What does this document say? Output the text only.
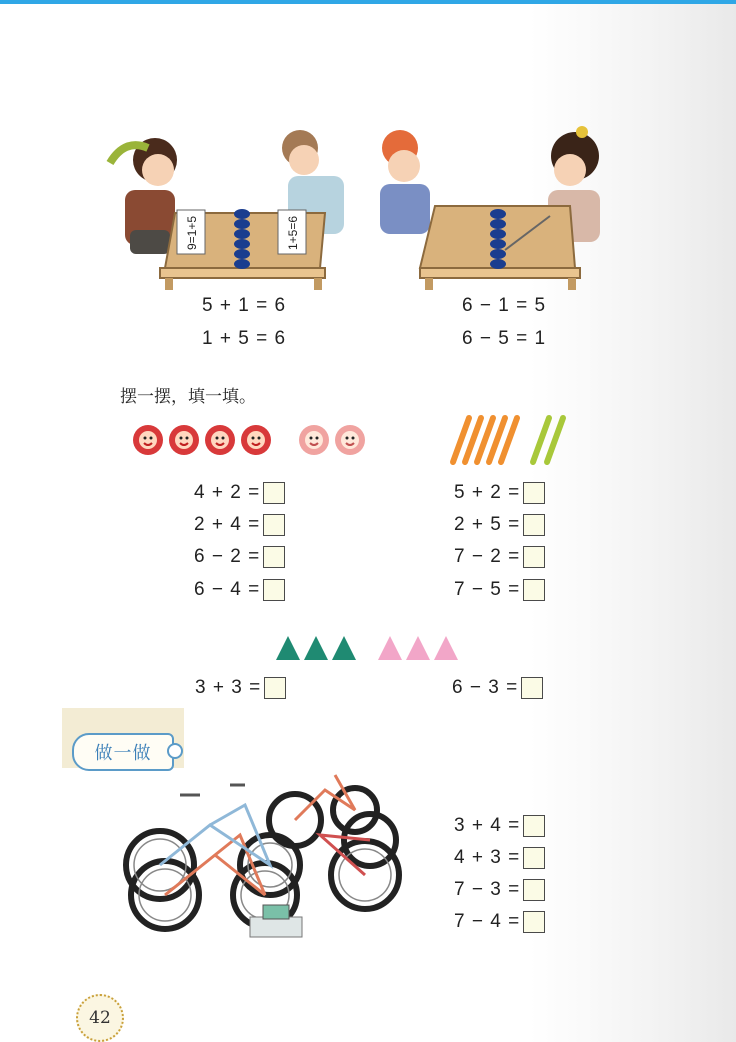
9=1+5	1+5=6
5 + 1 = 6
1 + 5 = 6
6 − 1 = 5
6 − 5 = 1
摆一摆，填一填。
4 + 2 =
2 + 4 =
6 − 2 =
6 − 4 =
5 + 2 =
2 + 5 =
7 − 2 =
7 − 5 =
3 + 3 =	6 − 3 =
做一做
3 + 4 =
4 + 3 =
7 − 3 =
7 − 4 =
42
